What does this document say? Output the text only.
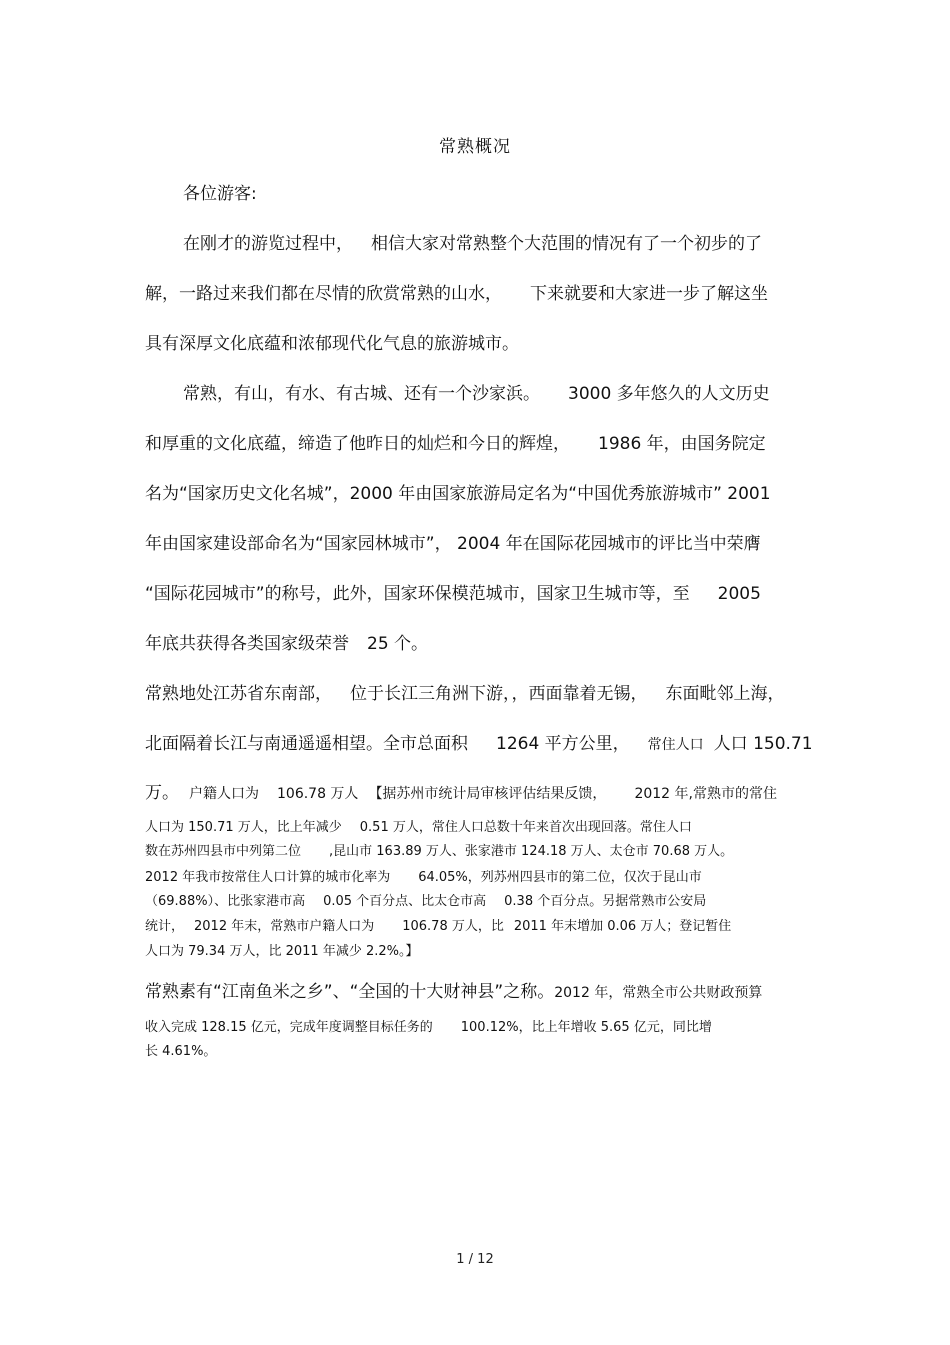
常熟概况
各位游客:
在刚才的游览过程中， 相信大家对常熟整个大范围的情况有了一个初步的了
解，一路过来我们都在尽情的欣赏常熟的山水， 下来就要和大家进一步了解这坐
具有深厚文化底蕴和浓郁现代化气息的旅游城市。
常熟，有山，有水、有古城、还有一个沙家浜。 3000 多年悠久的人文历史
和厚重的文化底蕴，缔造了他昨日的灿烂和今日的辉煌， 1986 年，由国务院定
名为“国家历史文化名城”，2000 年由国家旅游局定名为“中国优秀旅游城市” 2001
年由国家建设部命名为“国家园林城市”， 2004 年在国际花园城市的评比当中荣膺
“国际花园城市”的称号，此外，国家环保模范城市，国家卫生城市等，至 2005
年底共获得各类国家级荣誉 25 个。
常熟地处江苏省东南部， 位于长江三角洲下游，，西面靠着无锡， 东面毗邻上海，
北面隔着长江与南通遥遥相望。全市总面积 1264 平方公里， 常住人口 人口 150.71
万。 户籍人口为 106.78 万人 【据苏州市统计局审核评估结果反馈， 2012 年,常熟市的常住
人口为 150.71 万人，比上年减少 0.51 万人，常住人口总数十年来首次出现回落。常住人口
数在苏州四县市中列第二位 ,昆山市 163.89 万人、张家港市 124.18 万人、太仓市 70.68 万人。
2012 年我市按常住人口计算的城市化率为 64.05%，列苏州四县市的第二位，仅次于昆山市
（69.88%）、比张家港市高 0.05 个百分点、比太仓市高 0.38 个百分点。另据常熟市公安局
统计， 2012 年末，常熟市户籍人口为 106.78 万人，比 2011 年末增加 0.06 万人；登记暂住
人口为 79.34 万人，比 2011 年减少 2.2%。】
常熟素有“江南鱼米之乡”、“全国的十大财神县”之称。2012 年，常熟全市公共财政预算
收入完成 128.15 亿元，完成年度调整目标任务的 100.12%，比上年增收 5.65 亿元，同比增
长 4.61%。
1 / 12
